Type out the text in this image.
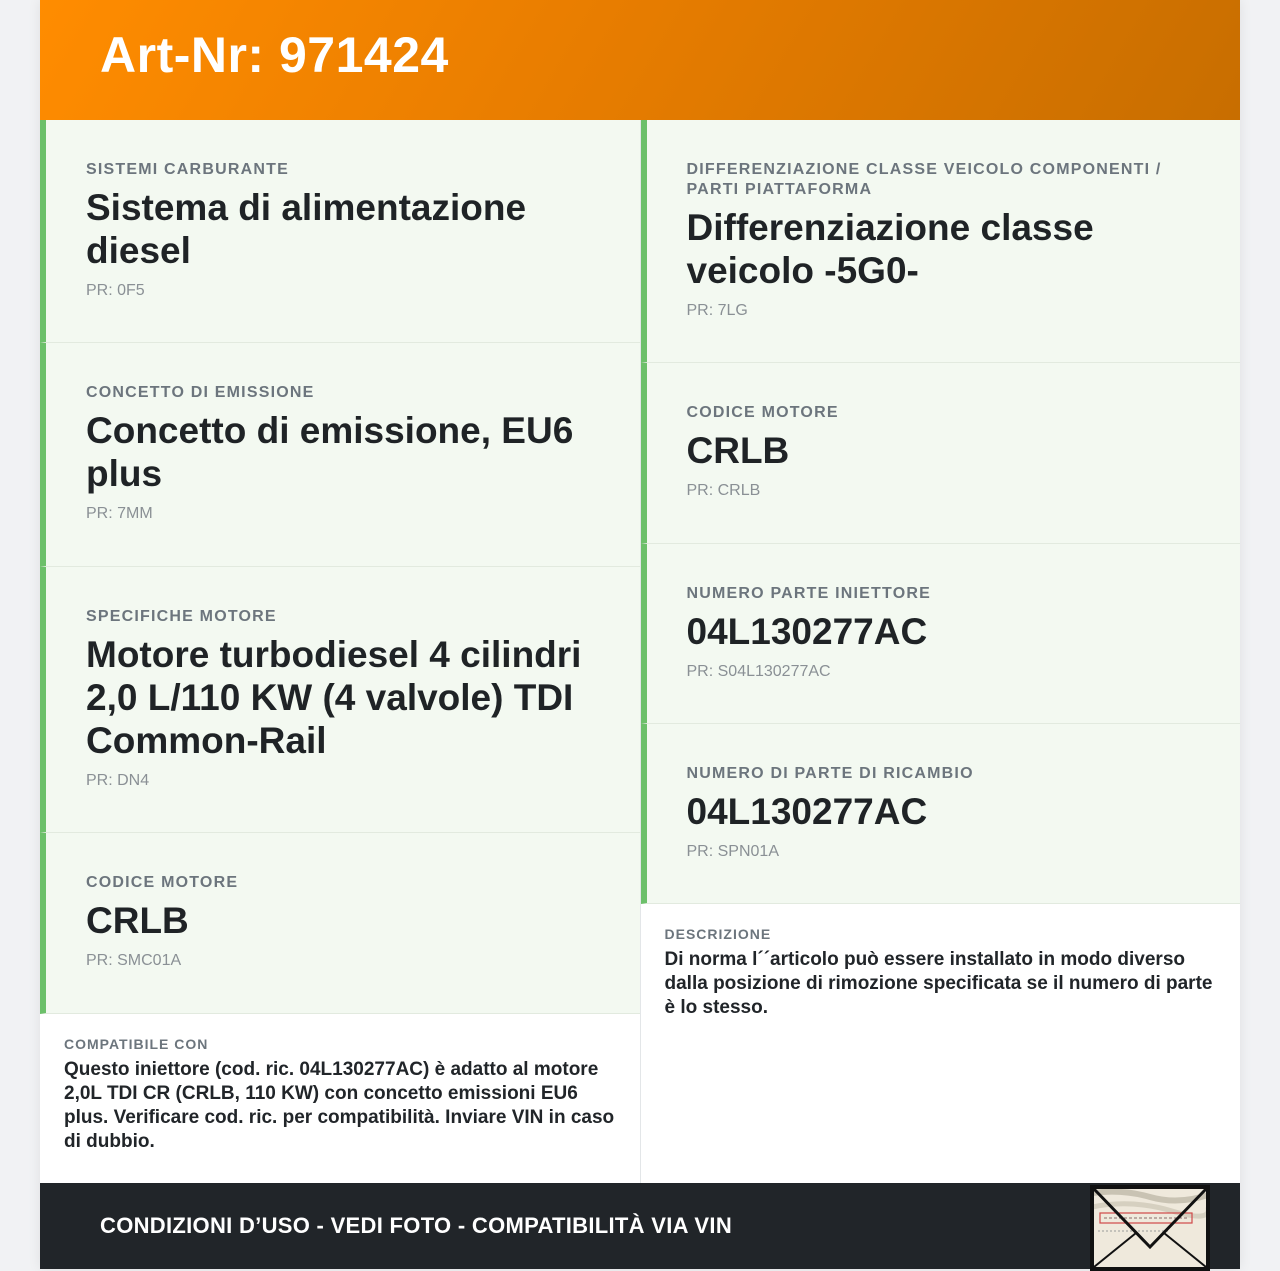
Art-Nr: 971424
SISTEMI CARBURANTE
Sistema di alimentazione diesel
PR: 0F5
CONCETTO DI EMISSIONE
Concetto di emissione, EU6 plus
PR: 7MM
SPECIFICHE MOTORE
Motore turbodiesel 4 cilindri 2,0 L/110 KW (4 valvole) TDI Common-Rail
PR: DN4
CODICE MOTORE
CRLB
PR: SMC01A
COMPATIBILE CON
Questo iniettore (cod. ric. 04L130277AC) è adatto al motore 2,0L TDI CR (CRLB, 110 KW) con concetto emissioni EU6 plus. Verificare cod. ric. per compatibilità. Inviare VIN in caso di dubbio.
DIFFERENZIAZIONE CLASSE VEICOLO COMPONENTI / PARTI PIATTAFORMA
Differenziazione classe veicolo -5G0-
PR: 7LG
CODICE MOTORE
CRLB
PR: CRLB
NUMERO PARTE INIETTORE
04L130277AC
PR: S04L130277AC
NUMERO DI PARTE DI RICAMBIO
04L130277AC
PR: SPN01A
DESCRIZIONE
Di norma l´´articolo può essere installato in modo diverso dalla posizione di rimozione specificata se il numero di parte è lo stesso.
CONDIZIONI D’USO - VEDI FOTO - COMPATIBILITÀ VIA VIN
